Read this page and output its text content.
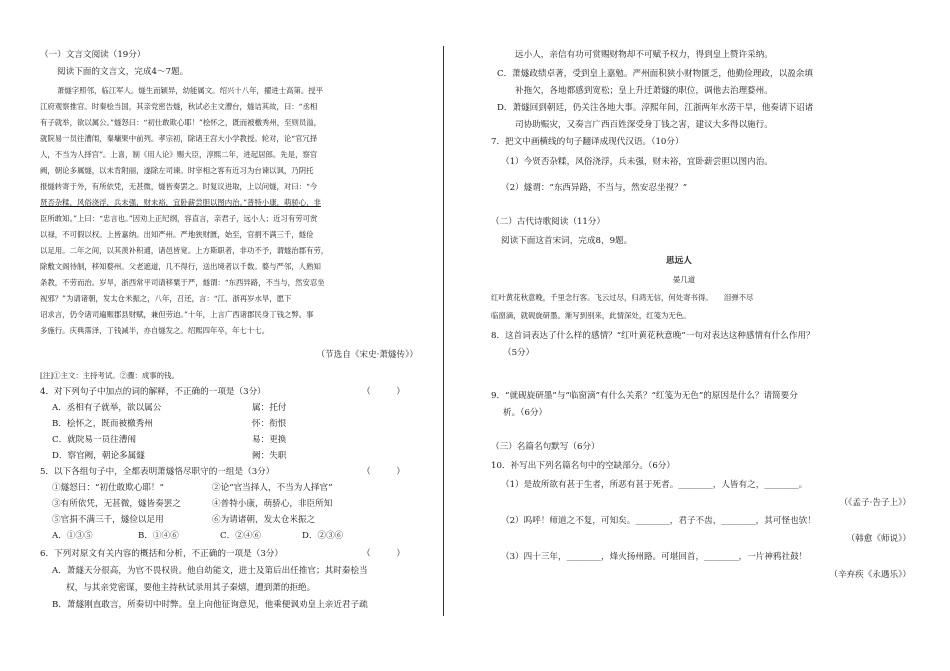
（一）文言文阅读（19分）
阅读下面的文言文，完成4～7题。
萧燧字照邻，临江军人。燧生而颖异，幼能属文。绍兴十八年，擢进士高第。授平
江府观察推官。时秦桧当国，其亲党密告燧，秋试必主文漕台，燧诘其故，曰：“丞相
有子就举，欲以属公。”燧怒曰：“初仕敢欺心耶！”桧怀之，既而被檄秀州，至则员溢，
就院易一员往漕闱，秦墉果中前列。孝宗初，除诸王宫大小学教授。轮对，论“官冗择
人，不当为人择官”。上喜，制《用人论》赐大臣，淳熙二年，进起居郎。先是，察官
阙，朝论多属燧，以未肯附丽，遂除左司谏。时宰相之客有近习为台谏以讽，乃阴托
报燧转寄于外，有所依凭，无甚微，燧皆奏罢之。时复议进取，上以问燧，对曰：“今
贤否杂糅，风俗浇浮，兵未强，财未裕，宜卧薪尝胆以图内治。”普特小康，萌骄心，非
臣所敢知。”上曰：“忠言也。”因劝上正纪纲，容直言，亲君子，远小人；近习有劳可赏
以禄，不可假以权。上皆嘉纳。出知严州。严地狭财匮，始至，官捐不满三千，燧俭
以足用。二年之间，以其羡补积逋，诸邑皆宽。上方斯职者，非功不予，谓燧治郡有劳，
除敷文阁待制，移知婺州。父老遮道，几不得行，送出境者以千数。婺与严邻，人熟知
条教，不劳而治。岁旱，浙西常平司请移粟于严，燧谓：“东西异路，不当与，然安忍坐
视邪？”为请诸朝，发太仓米振之，八年，召还，言：“江、浙再岁水旱，愿下
诏求言，仍令诸司遍赈郡县财赋，兼但劳迫。”十年，上言广西诸郡民身丁钱之弊。事
多施行。庆典霈泽，丁钱减半，亦自燧发之。绍熙四年卒，年七十七。
（节选自《宋史·萧燧传》）
[注]①主文：主持考试。②骤：成事的钱。
4．对下列句子中加点的词的解释，不正确的一项是（3分）	（　　　）
A．丞相有子就举，欲以属公	属：托付
B．桧怀之，既而被檄秀州	怀：衔恨
C．就院易一员往漕闱	易：更换
D．察官阙，朝论多属燧	阙：失职
5．以下各组句子中，全都表明萧燧恪尽职守的一组是（3分）	（　　　）
①燧怒曰：“初仕敢欺心耶！”	②论“官当择人，不当为人择官”
③有所依凭，无甚微，燧皆奏罢之	④普特小康，萌骄心，非臣所知
⑤官捐不满三千，燧俭以足用	⑥为请诸朝，发太仓米振之
A．①③⑤	B．①④⑥	C．②④⑥	D．②③⑥
6．下列对原文有关内容的概括和分析，不正确的一项是（3分）	（　　　）
A．萧燧天分很高，为官不畏权贵。他自幼能文，进士及第后出任推官；其时秦桧当
权，与其亲党密谋，要他主持秋试录用其子秦熺，遭到萧的拒绝。
B．萧燧刚直敢言，所奏切中时弊。皇上向他征询意见，他乘便讽劝皇上亲近君子疏
远小人，亲信有功可赏赐财物却不可赋予权力，得到皇上赞许采纳。
C．萧燧政绩卓著，受到皇上嘉勉。严州面积狭小财物匮乏，他勤俭理政，以盈余填
补拖欠，各地都感到宽松；皇上升迁萧燧的职位，调他去治理婺州。
D．萧燧回到朝廷，仍关注各地大事。淳熙年间，江浙两年水涝干旱，他奏请下诏诸
司协助赈灾，又奏言广西百姓深受身丁钱之害，建议大多得以施行。
7．把文中画横线的句子翻译成现代汉语。（10分）
（1）今贤否杂糅，风俗浇浮，兵未强，财未裕，宜卧薪尝胆以图内治。
（2）燧谓：“东西异路，不当与，然安忍坐视？”
（二）古代诗歌阅读（11分）
阅读下面这首宋词，完成8，9题。
思远人
晏几道
红叶黄花秋意晚，千里念行客。飞云过尽，归鸿无信，何处寄书得。　　泪弹不尽
临窗滴，就砚旋研墨。渐写到别来，此情深处，红笺为无色。
8．这首词表达了什么样的感情？“红叶黄花秋意晚”一句对表达这种感情有什么作用？
（5分）
9．“就砚旋研墨”与“临窗滴”有什么关系？“红笺为无色”的原因是什么？请简要分
析。（6分）
（三）名篇名句默写（6分）
10．补写出下列名篇名句中的空缺部分。（6分）
（1）是故所欲有甚于生者，所恶有甚于死者。________，人皆有之，________。
（《孟子·告子上》）
（2）呜呼！师道之不复，可知矣。________，君子不齿，________，其可怪也欤！
（韩愈《师说》）
（3）四十三年，________，烽火扬州路。可堪回首，________，一片神鸦社鼓！
（辛弃疾《永遇乐》）
